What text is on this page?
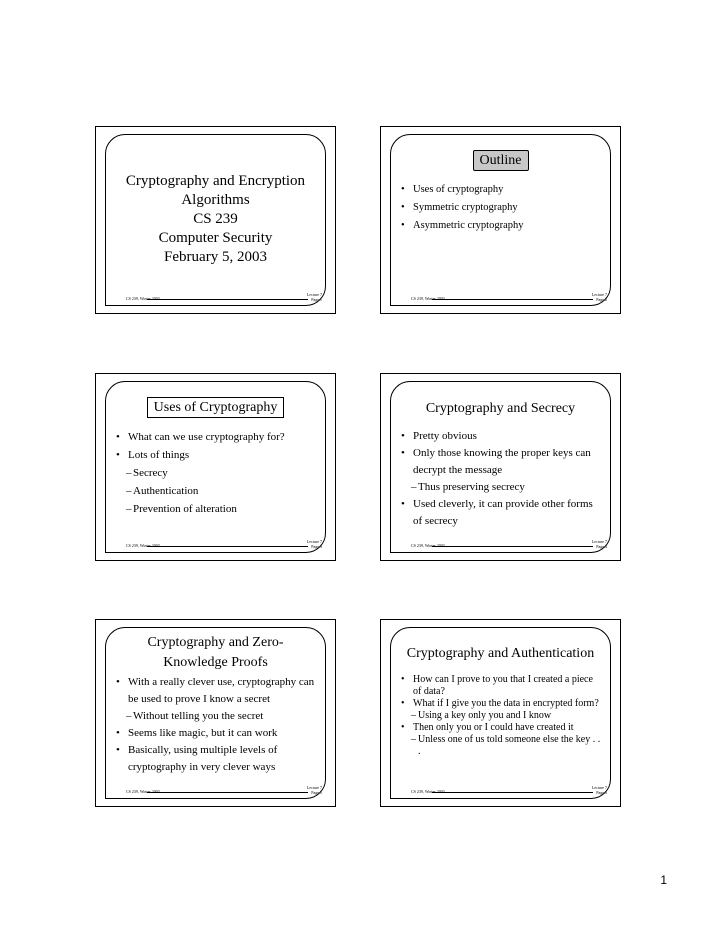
Cryptography and Encryption
Algorithms
CS 239
Computer Security
February 5, 2003
CS 239, Winter 2003
Lecture 7
Page 1
Outline
• Uses of cryptography
• Symmetric cryptography
• Asymmetric cryptography
CS 239, Winter 2003
Lecture 7
Page 2
Uses of Cryptography
• What can we use cryptography for?
• Lots of things
– Secrecy
– Authentication
– Prevention of alteration
CS 239, Winter 2003
Lecture 7
Page 3
Cryptography and Secrecy
• Pretty obvious
• Only those knowing the proper keys can decrypt the message
– Thus preserving secrecy
• Used cleverly, it can provide other forms of secrecy
CS 239, Winter 2003
Lecture 7
Page 4
Cryptography and Zero-
Knowledge Proofs
• With a really clever use, cryptography can be used to prove I know a secret
– Without telling you the secret
• Seems like magic, but it can work
• Basically, using multiple levels of cryptography in very clever ways
CS 239, Winter 2003
Lecture 7
Page 5
Cryptography and Authentication
• How can I prove to you that I created a piece of data?
• What if I give you the data in encrypted form?
– Using a key only you and I know
• Then only you or I could have created it
– Unless one of us told someone else the key . . .
CS 239, Winter 2003
Lecture 7
Page 6
1
